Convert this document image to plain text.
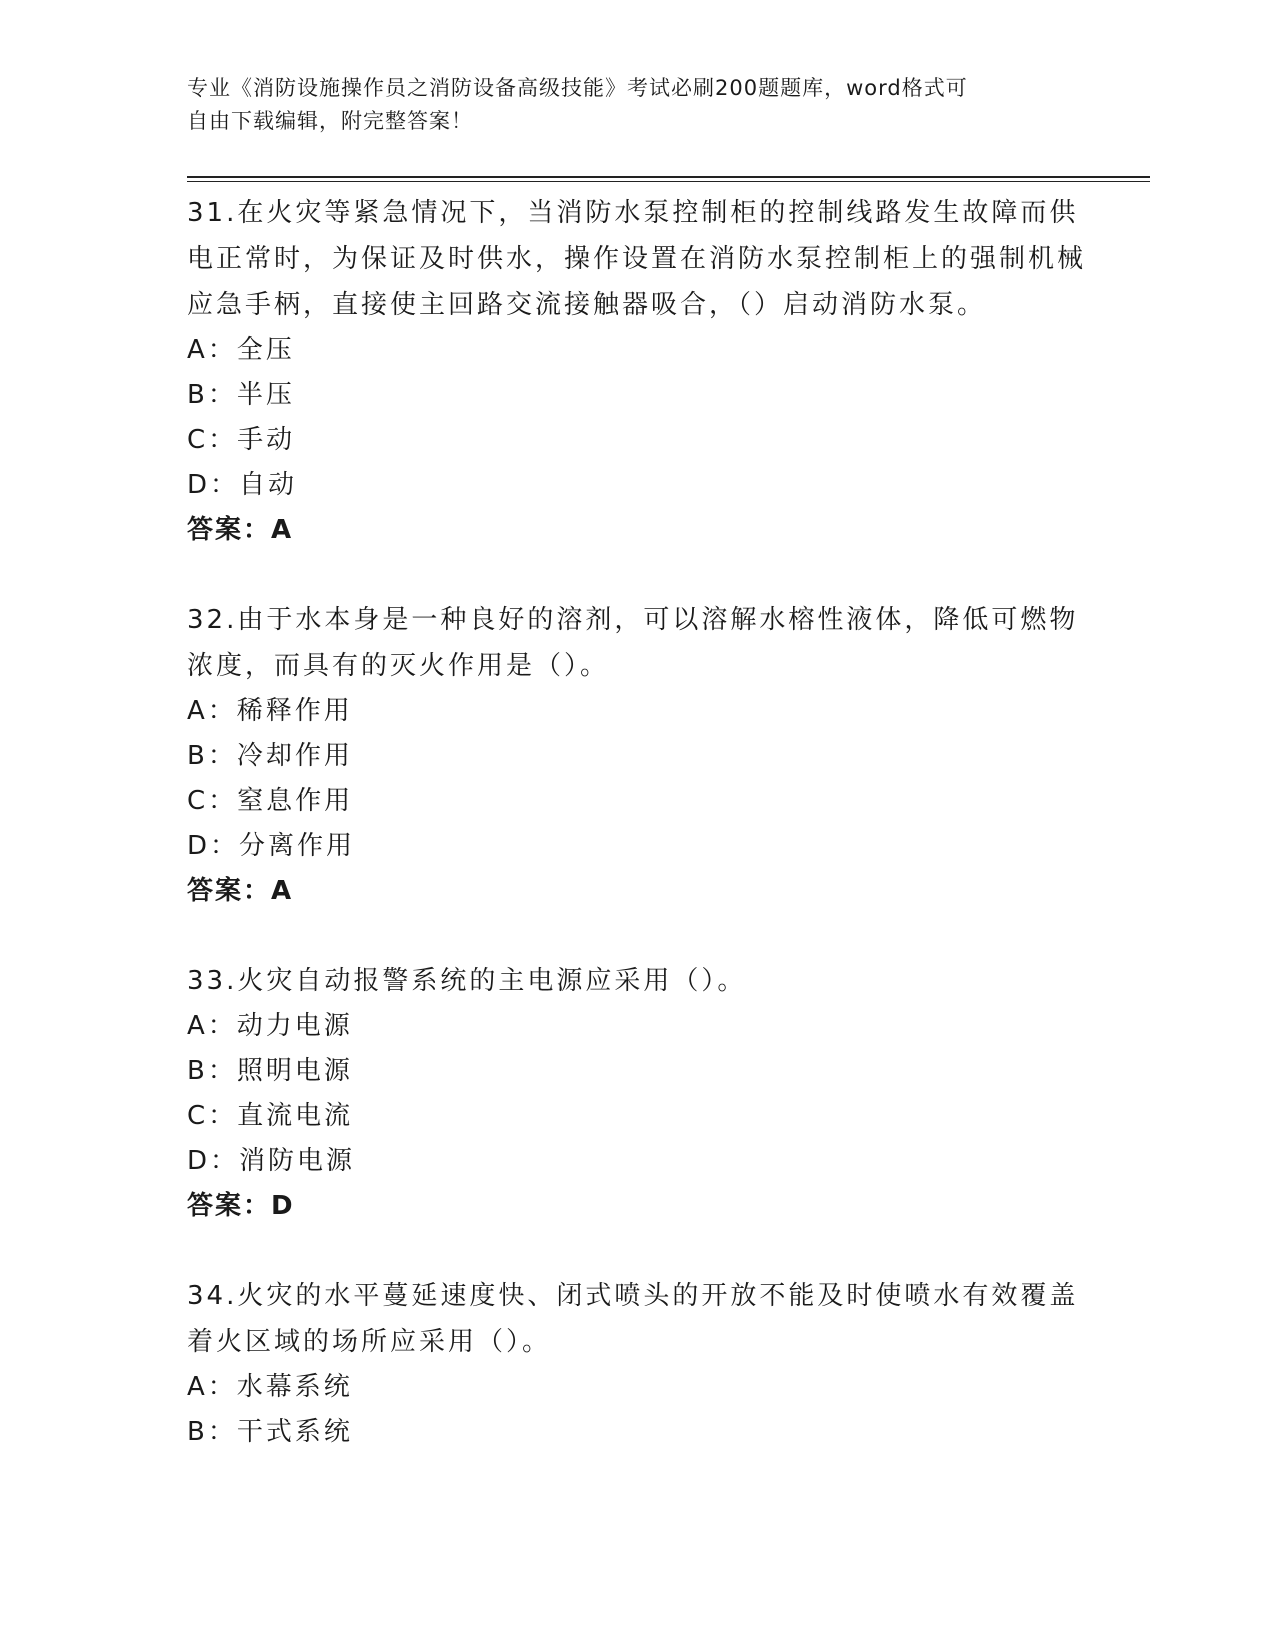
专业《消防设施操作员之消防设备高级技能》考试必刷200题题库，word格式可
自由下载编辑，附完整答案！
31.在火灾等紧急情况下，当消防水泵控制柜的控制线路发生故障而供电正常时，为保证及时供水，操作设置在消防水泵控制柜上的强制机械应急手柄，直接使主回路交流接触器吸合，（）启动消防水泵。
A：全压
B：半压
C：手动
D：自动
答案：A
32.由于水本身是一种良好的溶剂，可以溶解水榕性液体，降低可燃物浓度，而具有的灭火作用是（）。
A：稀释作用
B：冷却作用
C：窒息作用
D：分离作用
答案：A
33.火灾自动报警系统的主电源应采用（）。
A：动力电源
B：照明电源
C：直流电流
D：消防电源
答案：D
34.火灾的水平蔓延速度快、闭式喷头的开放不能及时使喷水有效覆盖着火区域的场所应采用（）。
A：水幕系统
B：干式系统
